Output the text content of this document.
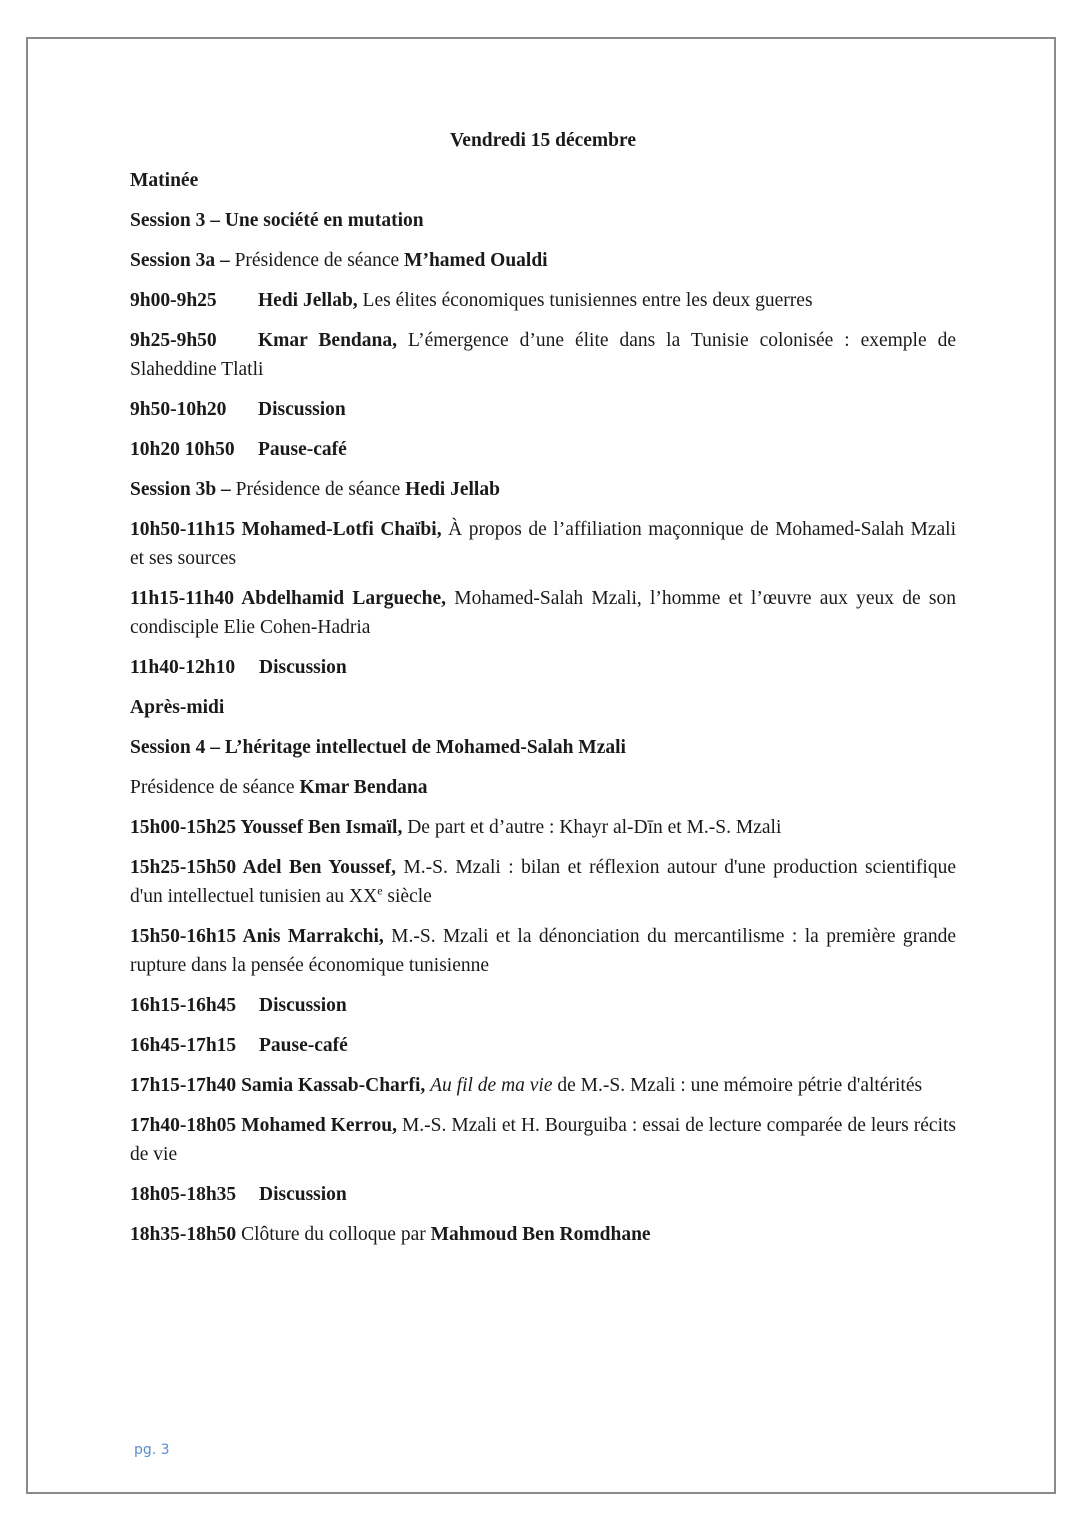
Vendredi 15 décembre
Matinée
Session 3 – Une société en mutation
Session 3a – Présidence de séance M’hamed Oualdi
9h00-9h25 Hedi Jellab, Les élites économiques tunisiennes entre les deux guerres
9h25-9h50 Kmar Bendana, L’émergence d’une élite dans la Tunisie colonisée : exemple de Slaheddine Tlatli
9h50-10h20 Discussion
10h20 10h50 Pause-café
Session 3b – Présidence de séance Hedi Jellab
10h50-11h15 Mohamed-Lotfi Chaïbi, À propos de l’affiliation maçonnique de Mohamed-Salah Mzali et ses sources
11h15-11h40 Abdelhamid Largueche, Mohamed-Salah Mzali, l’homme et l’œuvre aux yeux de son condisciple Elie Cohen-Hadria
11h40-12h10 Discussion
Après-midi
Session 4 – L’héritage intellectuel de Mohamed-Salah Mzali
Présidence de séance Kmar Bendana
15h00-15h25 Youssef Ben Ismaïl, De part et d’autre : Khayr al-Dīn et M.-S. Mzali
15h25-15h50 Adel Ben Youssef, M.-S. Mzali : bilan et réflexion autour d'une production scientifique d'un intellectuel tunisien au XXe siècle
15h50-16h15 Anis Marrakchi, M.-S. Mzali et la dénonciation du mercantilisme : la première grande rupture dans la pensée économique tunisienne
16h15-16h45 Discussion
16h45-17h15 Pause-café
17h15-17h40 Samia Kassab-Charfi, Au fil de ma vie de M.-S. Mzali : une mémoire pétrie d'altérités
17h40-18h05 Mohamed Kerrou, M.-S. Mzali et H. Bourguiba : essai de lecture comparée de leurs récits de vie
18h05-18h35 Discussion
18h35-18h50 Clôture du colloque par Mahmoud Ben Romdhane
pg. 3
